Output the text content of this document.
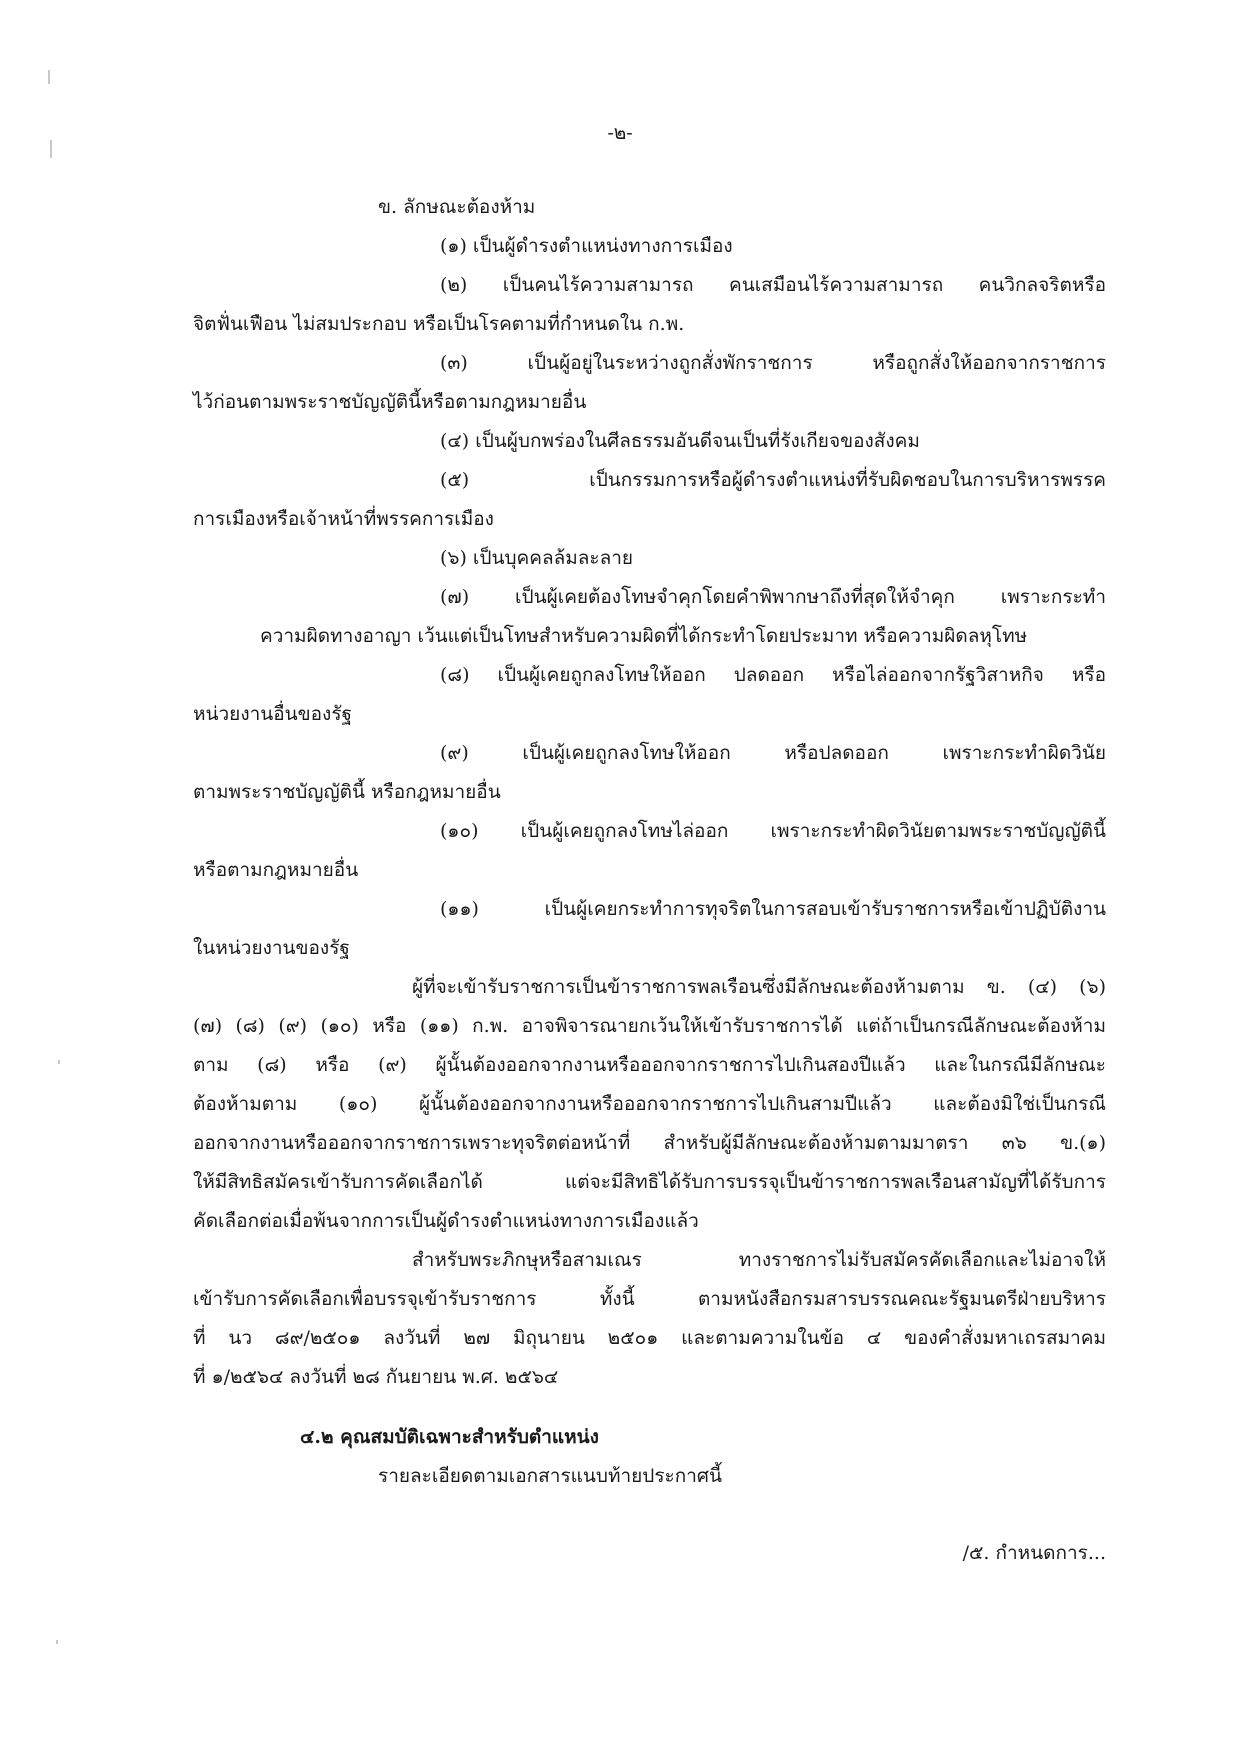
-๒-
ข. ลักษณะต้องห้าม
(๑) เป็นผู้ดำรงตำแหน่งทางการเมือง
(๒) เป็นคนไร้ความสามารถ คนเสมือนไร้ความสามารถ คนวิกลจริตหรือ
จิตฟั่นเฟือน ไม่สมประกอบ หรือเป็นโรคตามที่กำหนดใน ก.พ.
(๓) เป็นผู้อยู่ในระหว่างถูกสั่งพักราชการ หรือถูกสั่งให้ออกจากราชการ
ไว้ก่อนตามพระราชบัญญัตินี้หรือตามกฎหมายอื่น
(๔) เป็นผู้บกพร่องในศีลธรรมอันดีจนเป็นที่รังเกียจของสังคม
(๕) เป็นกรรมการหรือผู้ดำรงตำแหน่งที่รับผิดชอบในการบริหารพรรค
การเมืองหรือเจ้าหน้าที่พรรคการเมือง
(๖) เป็นบุคคลล้มละลาย
(๗) เป็นผู้เคยต้องโทษจำคุกโดยคำพิพากษาถึงที่สุดให้จำคุก เพราะกระทำ
ความผิดทางอาญา เว้นแต่เป็นโทษสำหรับความผิดที่ได้กระทำโดยประมาท หรือความผิดลหุโทษ
(๘) เป็นผู้เคยถูกลงโทษให้ออก ปลดออก หรือไล่ออกจากรัฐวิสาหกิจ หรือ
หน่วยงานอื่นของรัฐ
(๙) เป็นผู้เคยถูกลงโทษให้ออก หรือปลดออก เพราะกระทำผิดวินัย
ตามพระราชบัญญัตินี้ หรือกฎหมายอื่น
(๑๐) เป็นผู้เคยถูกลงโทษไล่ออก เพราะกระทำผิดวินัยตามพระราชบัญญัตินี้
หรือตามกฎหมายอื่น
(๑๑) เป็นผู้เคยกระทำการทุจริตในการสอบเข้ารับราชการหรือเข้าปฏิบัติงาน
ในหน่วยงานของรัฐ
ผู้ที่จะเข้ารับราชการเป็นข้าราชการพลเรือนซึ่งมีลักษณะต้องห้ามตาม ข. (๔) (๖)
(๗) (๘) (๙) (๑๐) หรือ (๑๑) ก.พ. อาจพิจารณายกเว้นให้เข้ารับราชการได้ แต่ถ้าเป็นกรณีลักษณะต้องห้าม
ตาม (๘) หรือ (๙) ผู้นั้นต้องออกจากงานหรือออกจากราชการไปเกินสองปีแล้ว และในกรณีมีลักษณะ
ต้องห้ามตาม (๑๐) ผู้นั้นต้องออกจากงานหรือออกจากราชการไปเกินสามปีแล้ว และต้องมิใช่เป็นกรณี
ออกจากงานหรือออกจากราชการเพราะทุจริตต่อหน้าที่ สำหรับผู้มีลักษณะต้องห้ามตามมาตรา ๓๖ ข.(๑)
ให้มีสิทธิสมัครเข้ารับการคัดเลือกได้ แต่จะมีสิทธิได้รับการบรรจุเป็นข้าราชการพลเรือนสามัญที่ได้รับการ
คัดเลือกต่อเมื่อพ้นจากการเป็นผู้ดำรงตำแหน่งทางการเมืองแล้ว
สำหรับพระภิกษุหรือสามเณร ทางราชการไม่รับสมัครคัดเลือกและไม่อาจให้
เข้ารับการคัดเลือกเพื่อบรรจุเข้ารับราชการ ทั้งนี้ ตามหนังสือกรมสารบรรณคณะรัฐมนตรีฝ่ายบริหาร
ที่ นว ๘๙/๒๕๐๑ ลงวันที่ ๒๗ มิถุนายน ๒๕๐๑ และตามความในข้อ ๔ ของคำสั่งมหาเถรสมาคม
ที่ ๑/๒๕๖๔ ลงวันที่ ๒๘ กันยายน พ.ศ. ๒๕๖๔
๔.๒ คุณสมบัติเฉพาะสำหรับตำแหน่ง
รายละเอียดตามเอกสารแนบท้ายประกาศนี้
/๕. กำหนดการ...
